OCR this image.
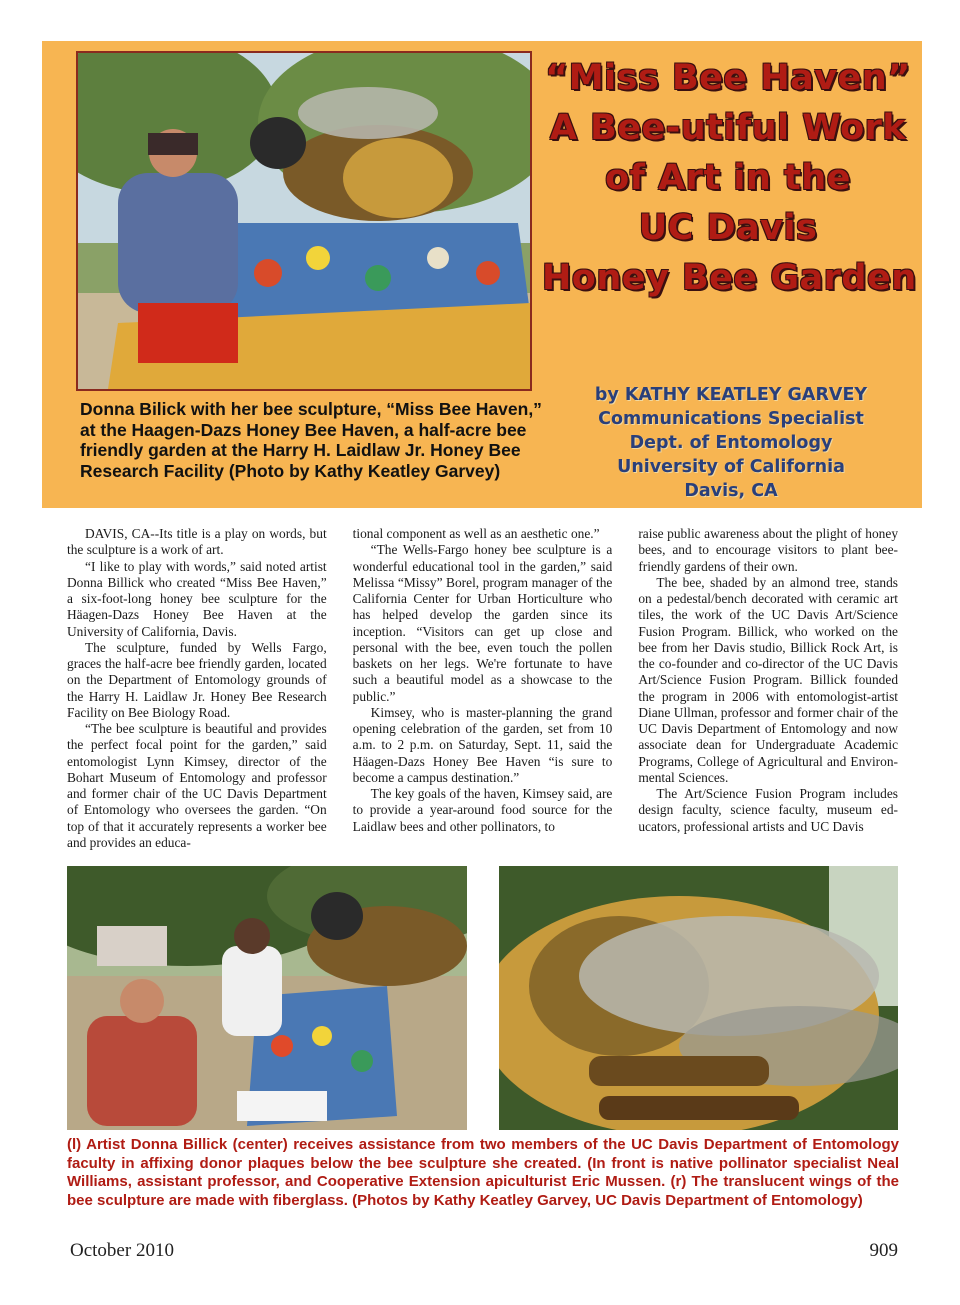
“Miss Bee Haven”
A Bee-utiful Work
of Art in the
UC Davis
Honey Bee Garden
by KATHY KEATLEY GARVEY
Communications Specialist
Dept. of Entomology
University of California
Davis, CA
Donna Bilick with her bee sculpture, “Miss Bee Haven,” at the Haagen-Dazs Honey Bee Haven, a half-acre bee friendly garden at the Harry H. Laidlaw Jr. Honey Bee Research Facility (Photo by Kathy Keatley Garvey)

DAVIS, CA--Its title is a play on words, but the sculpture is a work of art.

“I like to play with words,” said noted artist Donna Billick who created “Miss Bee Haven,” a six-foot-long honey bee sculpture for the Häagen-Dazs Honey Bee Haven at the University of California, Davis.

The sculpture, funded by Wells Fargo, graces the half-acre bee friendly garden, located on the Department of Entomology grounds of the Harry H. Laidlaw Jr. Honey Bee Research Facility on Bee Biology Road.

“The bee sculpture is beautiful and provides the perfect focal point for the garden,” said entomologist Lynn Kimsey, director of the Bohart Museum of Entomology and professor and former chair of the UC Davis Department of Entomology who oversees the garden. “On top of that it accurately represents a worker bee and provides an educa-

tional component as well as an aesthetic one.”

“The Wells-Fargo honey bee sculpture is a wonderful educational tool in the garden,” said Melissa “Missy” Borel, program manager of the California Center for Urban Horticulture who has helped develop the garden since its inception. “Visitors can get up close and personal with the bee, even touch the pollen baskets on her legs. We're fortunate to have such a beautiful model as a showcase to the public.”

Kimsey, who is master-planning the grand opening celebration of the garden, set from 10 a.m. to 2 p.m. on Saturday, Sept. 11, said the Häagen-Dazs Honey Bee Haven “is sure to become a campus destination.”

The key goals of the haven, Kimsey said, are to provide a year-around food source for the Laidlaw bees and other pollinators, to

raise public awareness about the plight of honey bees, and to encourage visitors to plant bee-friendly gardens of their own.

The bee, shaded by an almond tree, stands on a pedestal/bench decorated with ceramic art tiles, the work of the UC Davis Art/Science Fusion Program. Billick, who worked on the bee from her Davis studio, Billick Rock Art, is the co-founder and co-director of the UC Davis Art/Science Fusion Program. Billick founded the program in 2006 with entomologist-artist Diane Ullman, professor and former chair of the UC Davis Department of Entomology and now associate dean for Undergraduate Academic Programs, College of Agricultural and Environmental Sciences.

The Art/Science Fusion Program includes design faculty, science faculty, museum educators, professional artists and UC Davis

(l) Artist Donna Billick (center) receives assistance from two members of the UC Davis Department of Entomology faculty in affixing donor plaques below the bee sculpture she created. (In front is native pollinator specialist Neal Williams, assistant professor, and Cooperative Extension apiculturist Eric Mussen. (r) The translucent wings of the bee sculpture are made with fiberglass. (Photos by Kathy Keatley Garvey, UC Davis Department of Entomology)
October 2010	909
